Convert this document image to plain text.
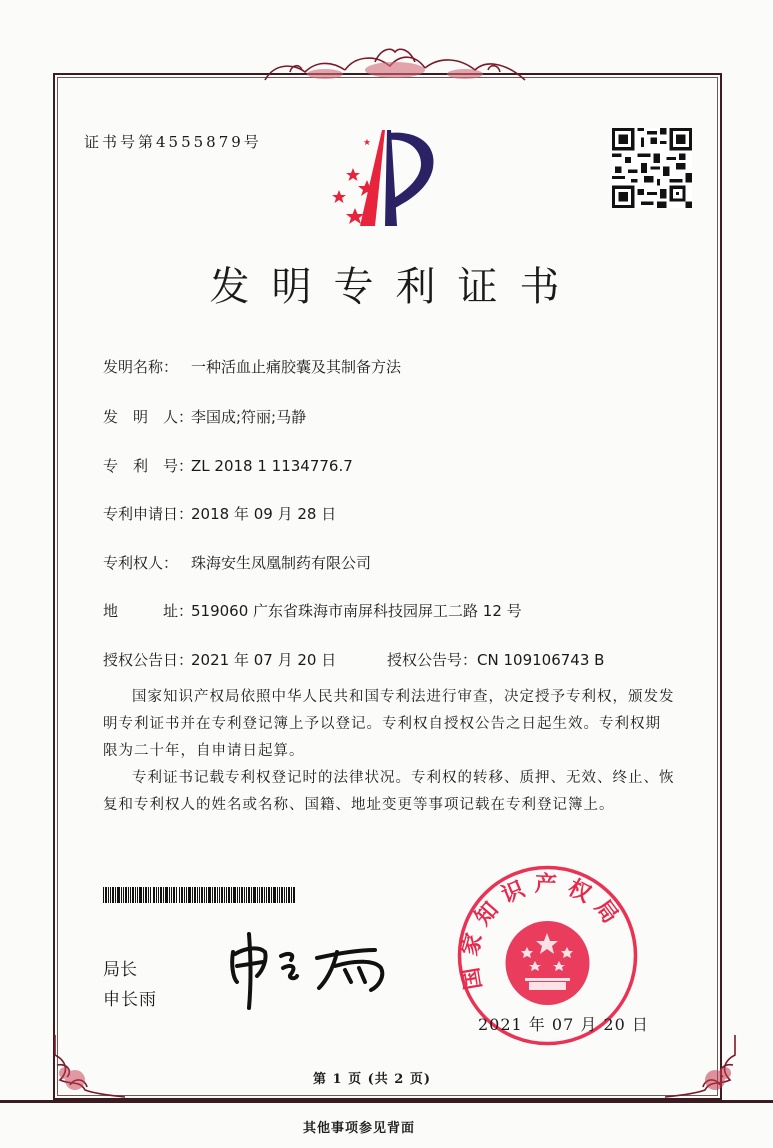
证书号第4555879号
发明专利证书
发明名称： 一种活血止痛胶囊及其制备方法
发　明　人：李国成;符丽;马静
专　利　号：ZL 2018 1 1134776.7
专利申请日：2018 年 09 月 28 日
专利权人： 珠海安生凤凰制药有限公司
地　　　址：519060 广东省珠海市南屏科技园屏工二路 12 号
授权公告日：2021 年 07 月 20 日	授权公告号：CN 109106743 B
国家知识产权局依照中华人民共和国专利法进行审查，决定授予专利权，颁发发明专利证书并在专利登记簿上予以登记。专利权自授权公告之日起生效。专利权期限为二十年，自申请日起算。
专利证书记载专利权登记时的法律状况。专利权的转移、质押、无效、终止、恢复和专利权人的姓名或名称、国籍、地址变更等事项记载在专利登记簿上。
局长
申长雨
国家知识产权局
2021 年 07 月 20 日
第 1 页 (共 2 页)
其他事项参见背面
